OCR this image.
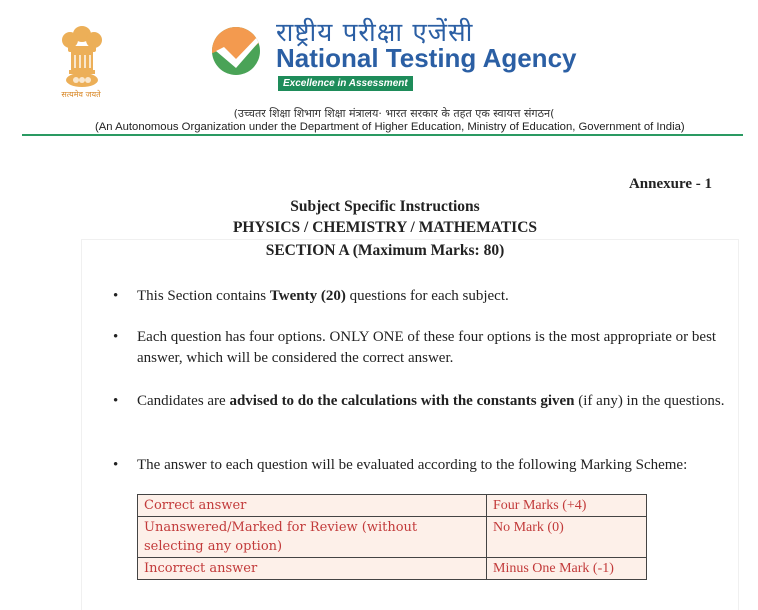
सत्यमेव जयते
राष्ट्रीय परीक्षा एजेंसी
National Testing Agency
Excellence in Assessment
(उच्चतर शिक्षा शिभाग शिक्षा मंत्रालय· भारत सरकार के तहत एक स्वायत्त संगठन(
(An Autonomous Organization under the Department of Higher Education, Ministry of Education, Government of India)
Annexure - 1
Subject Specific Instructions
PHYSICS / CHEMISTRY / MATHEMATICS
SECTION A (Maximum Marks: 80)
• This Section contains Twenty (20) questions for each subject.
• Each question has four options. ONLY ONE of these four options is the most appropriate or best answer, which will be considered the correct answer.
• Candidates are advised to do the calculations with the constants given (if any) in the questions.
• The answer to each question will be evaluated according to the following Marking Scheme:
Correct answer	Four Marks (+4)
Unanswered/Marked for Review (without selecting any option)	No Mark (0)
Incorrect answer	Minus One Mark (-1)
